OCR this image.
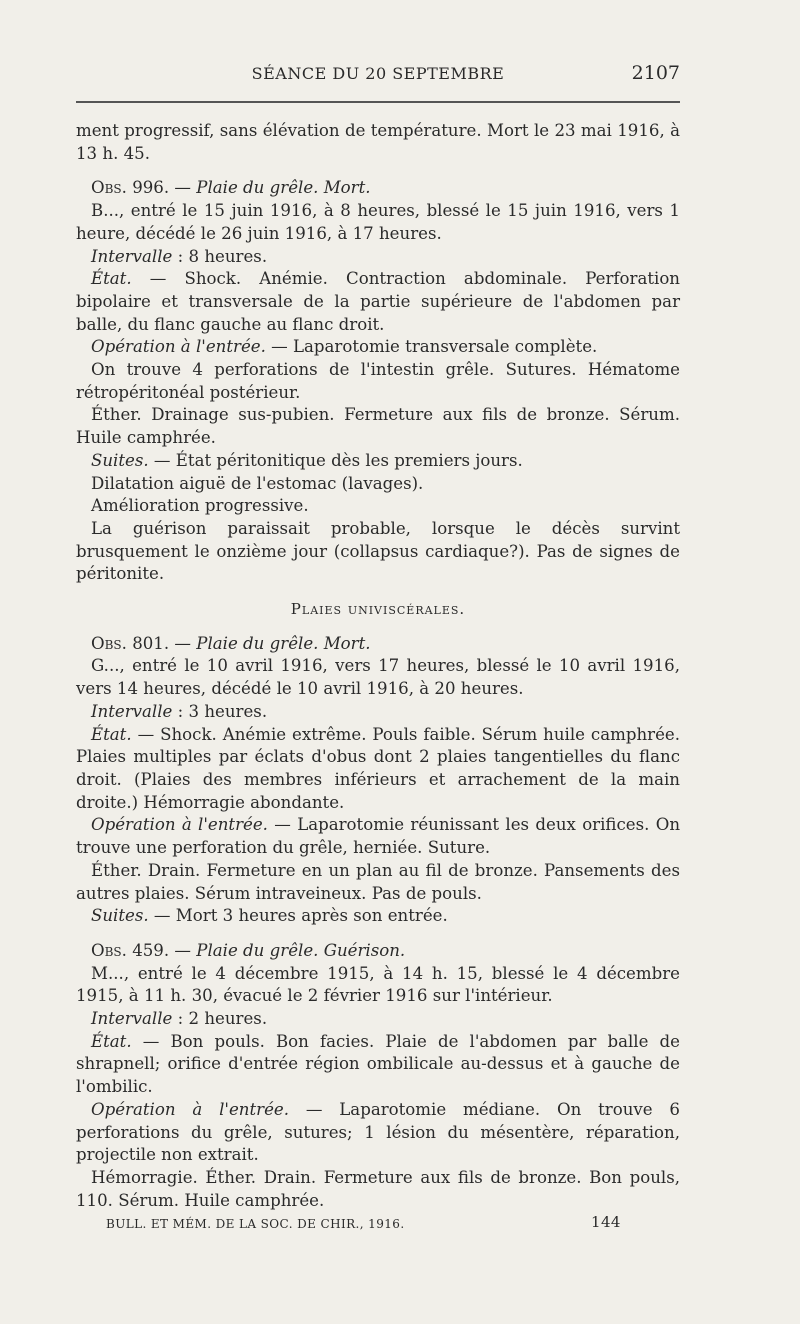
SÉANCE DU 20 SEPTEMBRE	2107

ment progressif, sans élévation de température. Mort le 23 mai 1916, à 13 h. 45.

Obs. 996. — Plaie du grêle. Mort.

B..., entré le 15 juin 1916, à 8 heures, blessé le 15 juin 1916, vers 1 heure, décédé le 26 juin 1916, à 17 heures.

Intervalle : 8 heures.

État. — Shock. Anémie. Contraction abdominale. Perforation bipolaire et transversale de la partie supérieure de l'abdomen par balle, du flanc gauche au flanc droit.

Opération à l'entrée. — Laparotomie transversale complète.

On trouve 4 perforations de l'intestin grêle. Sutures. Hématome rétropéritonéal postérieur.

Éther. Drainage sus-pubien. Fermeture aux fils de bronze. Sérum. Huile camphrée.

Suites. — État péritonitique dès les premiers jours.

Dilatation aiguë de l'estomac (lavages).

Amélioration progressive.

La guérison paraissait probable, lorsque le décès survint brusquement le onzième jour (collapsus cardiaque?). Pas de signes de péritonite.

Plaies univiscérales.

Obs. 801. — Plaie du grêle. Mort.

G..., entré le 10 avril 1916, vers 17 heures, blessé le 10 avril 1916, vers 14 heures, décédé le 10 avril 1916, à 20 heures.

Intervalle : 3 heures.

État. — Shock. Anémie extrême. Pouls faible. Sérum huile camphrée. Plaies multiples par éclats d'obus dont 2 plaies tangentielles du flanc droit. (Plaies des membres inférieurs et arrachement de la main droite.) Hémorragie abondante.

Opération à l'entrée. — Laparotomie réunissant les deux orifices. On trouve une perforation du grêle, herniée. Suture.

Éther. Drain. Fermeture en un plan au fil de bronze. Pansements des autres plaies. Sérum intraveineux. Pas de pouls.

Suites. — Mort 3 heures après son entrée.

Obs. 459. — Plaie du grêle. Guérison.

M..., entré le 4 décembre 1915, à 14 h. 15, blessé le 4 décembre 1915, à 11 h. 30, évacué le 2 février 1916 sur l'intérieur.

Intervalle : 2 heures.

État. — Bon pouls. Bon facies. Plaie de l'abdomen par balle de shrapnell; orifice d'entrée région ombilicale au-dessus et à gauche de l'ombilic.

Opération à l'entrée. — Laparotomie médiane. On trouve 6 perforations du grêle, sutures; 1 lésion du mésentère, réparation, projectile non extrait.

Hémorragie. Éther. Drain. Fermeture aux fils de bronze. Bon pouls, 110. Sérum. Huile camphrée.

BULL. ET MÉM. DE LA SOC. DE CHIR., 1916.	144
